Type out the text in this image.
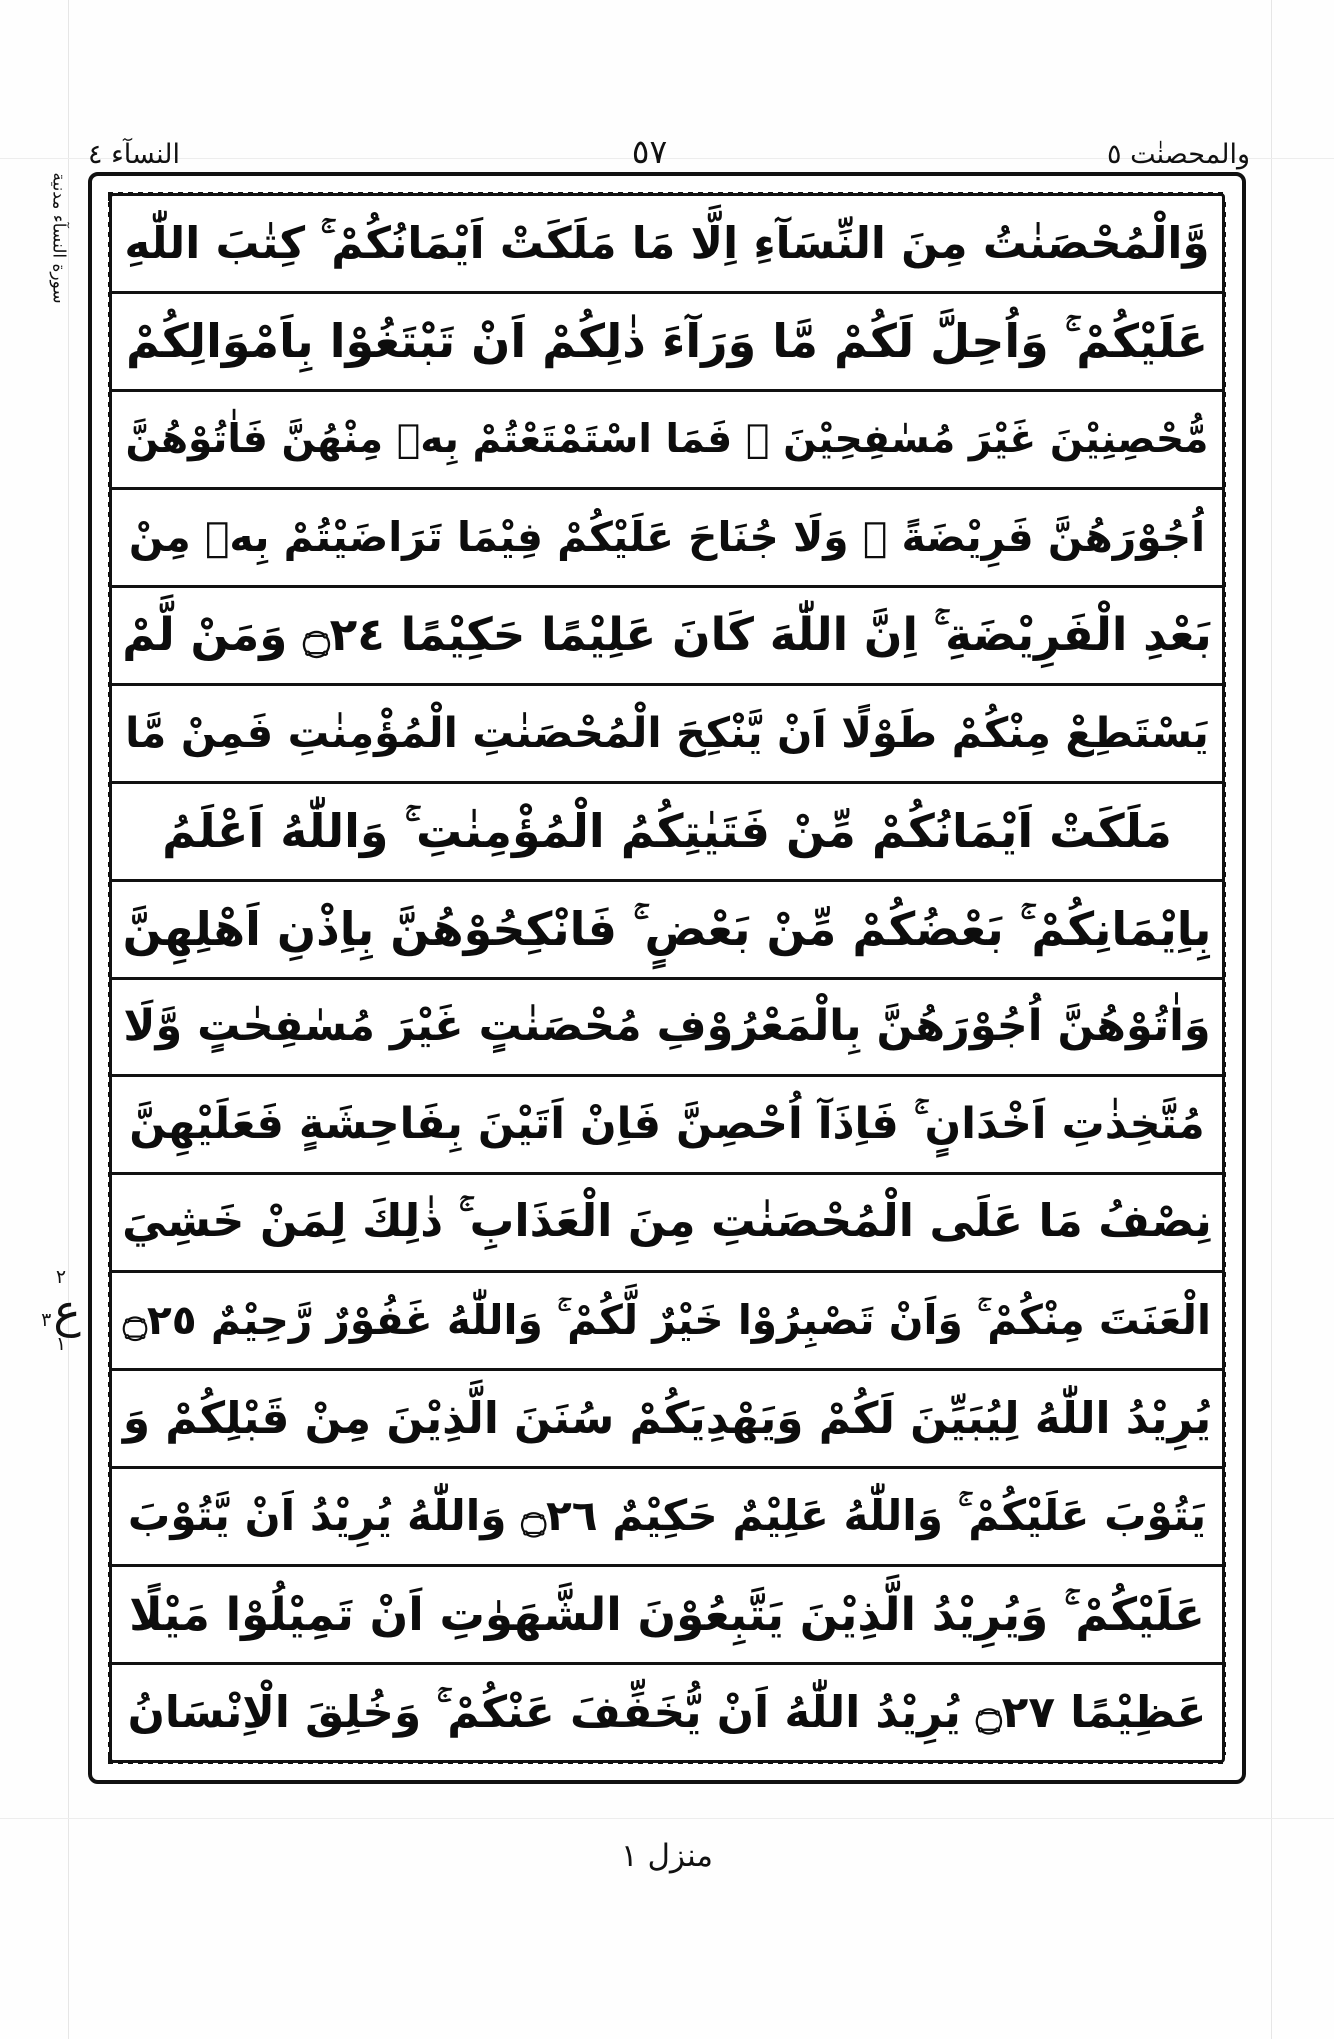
والمحصنٰت ٥
٥٧
النسآء ٤
سورة النسآء مدنية
٢
٣ ع
١
وَّالْمُحْصَنٰتُ مِنَ النِّسَآءِ اِلَّا مَا مَلَكَتْ اَيْمَانُكُمْ ۚ كِتٰبَ اللّٰهِ
عَلَيْكُمْ ۚ وَاُحِلَّ لَكُمْ مَّا وَرَآءَ ذٰلِكُمْ اَنْ تَبْتَغُوْا بِاَمْوَالِكُمْ
مُّحْصِنِيْنَ غَيْرَ مُسٰفِحِيْنَ ۚ فَمَا اسْتَمْتَعْتُمْ بِهٖ مِنْهُنَّ فَاٰتُوْهُنَّ
اُجُوْرَهُنَّ فَرِيْضَةً ۚ وَلَا جُنَاحَ عَلَيْكُمْ فِيْمَا تَرَاضَيْتُمْ بِهٖ مِنْ
بَعْدِ الْفَرِيْضَةِ ۚ اِنَّ اللّٰهَ كَانَ عَلِيْمًا حَكِيْمًا ۝٢٤ وَمَنْ لَّمْ
يَسْتَطِعْ مِنْكُمْ طَوْلًا اَنْ يَّنْكِحَ الْمُحْصَنٰتِ الْمُؤْمِنٰتِ فَمِنْ مَّا
مَلَكَتْ اَيْمَانُكُمْ مِّنْ فَتَيٰتِكُمُ الْمُؤْمِنٰتِ ۚ وَاللّٰهُ اَعْلَمُ
بِاِيْمَانِكُمْ ۚ بَعْضُكُمْ مِّنْ بَعْضٍ ۚ فَانْكِحُوْهُنَّ بِاِذْنِ اَهْلِهِنَّ
وَاٰتُوْهُنَّ اُجُوْرَهُنَّ بِالْمَعْرُوْفِ مُحْصَنٰتٍ غَيْرَ مُسٰفِحٰتٍ وَّلَا
مُتَّخِذٰتِ اَخْدَانٍ ۚ فَاِذَآ اُحْصِنَّ فَاِنْ اَتَيْنَ بِفَاحِشَةٍ فَعَلَيْهِنَّ
نِصْفُ مَا عَلَى الْمُحْصَنٰتِ مِنَ الْعَذَابِ ۚ ذٰلِكَ لِمَنْ خَشِيَ
الْعَنَتَ مِنْكُمْ ۚ وَاَنْ تَصْبِرُوْا خَيْرٌ لَّكُمْ ۚ وَاللّٰهُ غَفُوْرٌ رَّحِيْمٌ ۝٢٥
يُرِيْدُ اللّٰهُ لِيُبَيِّنَ لَكُمْ وَيَهْدِيَكُمْ سُنَنَ الَّذِيْنَ مِنْ قَبْلِكُمْ وَ
يَتُوْبَ عَلَيْكُمْ ۚ وَاللّٰهُ عَلِيْمٌ حَكِيْمٌ ۝٢٦ وَاللّٰهُ يُرِيْدُ اَنْ يَّتُوْبَ
عَلَيْكُمْ ۚ وَيُرِيْدُ الَّذِيْنَ يَتَّبِعُوْنَ الشَّهَوٰتِ اَنْ تَمِيْلُوْا مَيْلًا
عَظِيْمًا ۝٢٧ يُرِيْدُ اللّٰهُ اَنْ يُّخَفِّفَ عَنْكُمْ ۚ وَخُلِقَ الْاِنْسَانُ
منزل ١
